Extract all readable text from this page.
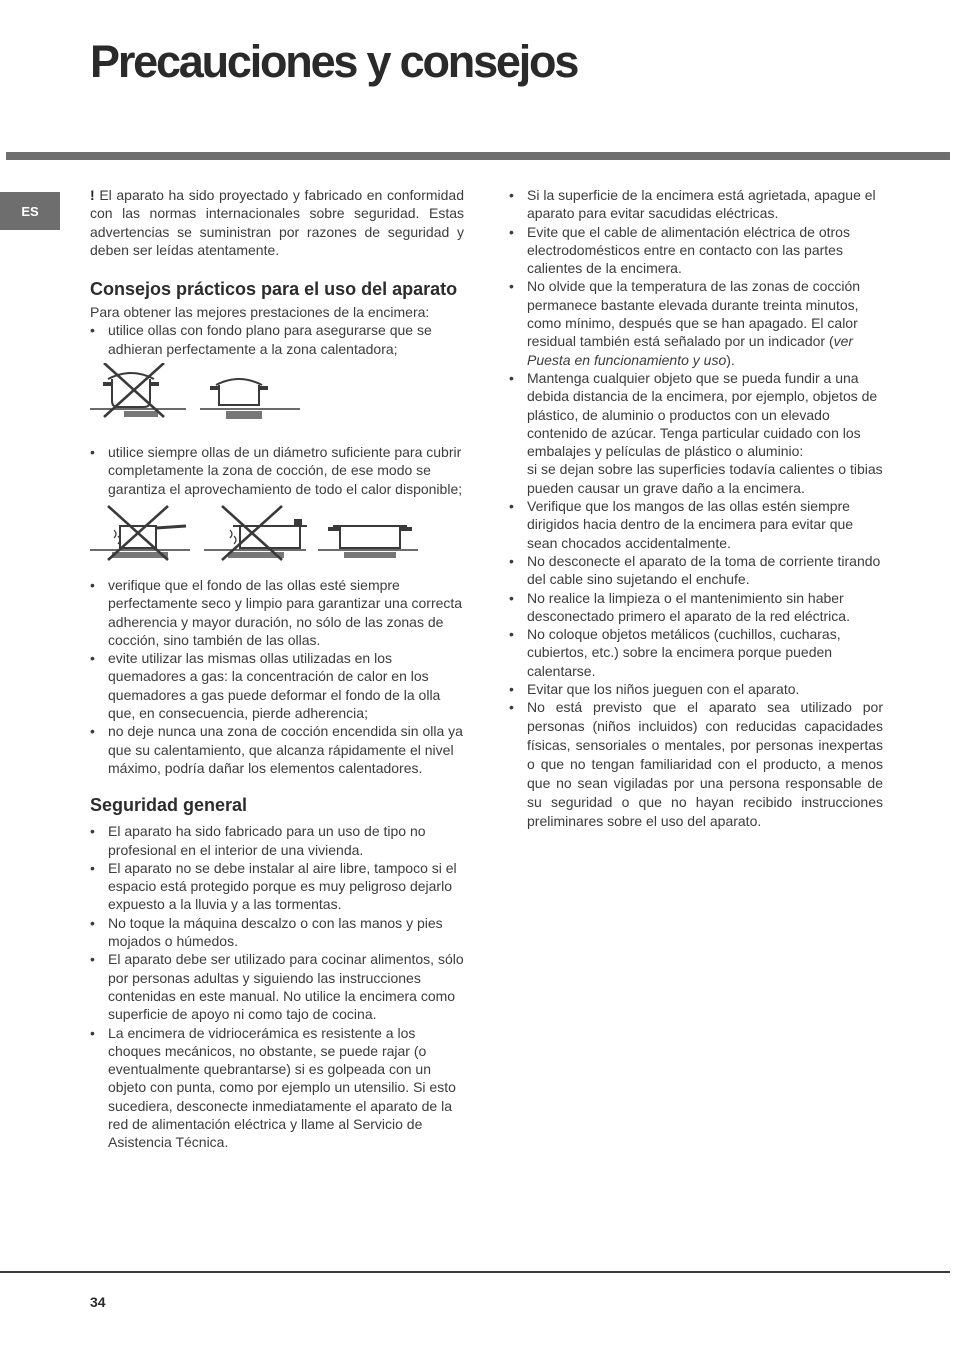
Precauciones y consejos
ES

! El aparato ha sido proyectado y fabricado en conformidad con las normas internacionales sobre seguridad. Estas advertencias se suministran por razones de seguridad y deben ser leídas atentamente.

Consejos prácticos para el uso del aparato

Para obtener las mejores prestaciones de la encimera:

• utilice ollas con fondo plano para asegurarse que se adhieran perfectamente a la zona calentadora;
• utilice siempre ollas de un diámetro suficiente para cubrir completamente la zona de cocción, de ese modo se garantiza el aprovechamiento de todo el calor disponible;
• verifique que el fondo de las ollas esté siempre perfectamente seco y limpio para garantizar una correcta adherencia y mayor duración, no sólo de las zonas de cocción, sino también de las ollas.
• evite utilizar las mismas ollas utilizadas en los quemadores a gas: la concentración de calor en los quemadores a gas puede deformar el fondo de la olla que, en consecuencia, pierde adherencia;
• no deje nunca una zona de cocción encendida sin olla ya que su calentamiento, que alcanza rápidamente el nivel máximo, podría dañar los elementos calentadores.
Seguridad general
• El aparato ha sido fabricado para un uso de tipo no profesional en el interior de una vivienda.
• El aparato no se debe instalar al aire libre, tampoco si el espacio está protegido porque es muy peligroso dejarlo expuesto a la lluvia y a las tormentas.
• No toque la máquina descalzo o con las manos y pies mojados o húmedos.
• El aparato debe ser utilizado para cocinar alimentos, sólo por personas adultas y siguiendo las instrucciones contenidas en este manual. No utilice la encimera como superficie de apoyo ni como tajo de cocina.
• La encimera de vidriocerámica es resistente a los choques mecánicos, no obstante, se puede rajar (o eventualmente quebrantarse) si es golpeada con un objeto con punta, como por ejemplo un utensilio. Si esto sucediera, desconecte inmediatamente el aparato de la red de alimentación eléctrica y llame al Servicio de Asistencia Técnica.
• Si la superficie de la encimera está agrietada, apague el aparato para evitar sacudidas eléctricas.
• Evite que el cable de alimentación eléctrica de otros electrodomésticos entre en contacto con las partes calientes de la encimera.
• No olvide que la temperatura de las zonas de cocción permanece bastante elevada durante treinta minutos, como mínimo, después que se han apagado. El calor residual también está señalado por un indicador (ver Puesta en funcionamiento y uso).
• Mantenga cualquier objeto que se pueda fundir a una debida distancia de la encimera, por ejemplo, objetos de plástico, de aluminio o productos con un elevado contenido de azúcar. Tenga particular cuidado con los embalajes y películas de plástico o aluminio:
si se dejan sobre las superficies todavía calientes o tibias pueden causar un grave daño a la encimera.
• Verifique que los mangos de las ollas estén siempre dirigidos hacia dentro de la encimera para evitar que sean chocados accidentalmente.
• No desconecte el aparato de la toma de corriente tirando del cable sino sujetando el enchufe.
• No realice la limpieza o el mantenimiento sin haber desconectado primero el aparato de la red eléctrica.
• No coloque objetos metálicos (cuchillos, cucharas, cubiertos, etc.) sobre la encimera porque pueden calentarse.
• Evitar que los niños jueguen con el aparato.
• No está previsto que el aparato sea utilizado por personas (niños incluidos) con reducidas capacidades físicas, sensoriales o mentales, por personas inexpertas o que no tengan familiaridad con el producto, a menos que no sean vigiladas por una persona responsable de su seguridad o que no hayan recibido instrucciones preliminares sobre el uso del aparato.
34
